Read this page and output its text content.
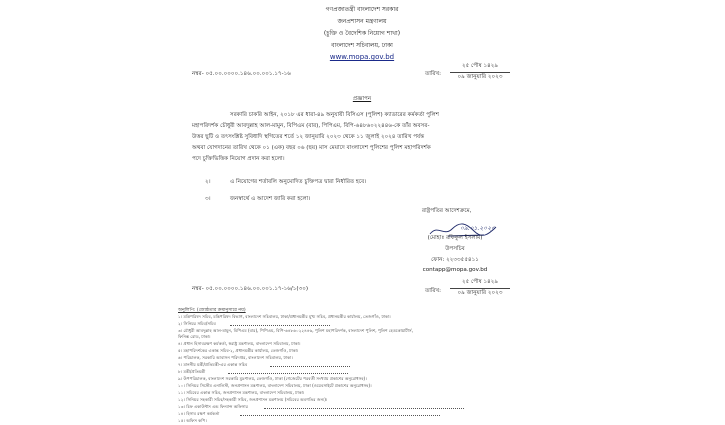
গণপ্রজাতন্ত্রী বাংলাদেশ সরকার
জনপ্রশাসন মন্ত্রণালয়
(চুক্তি ও বৈদেশিক নিয়োগ শাখা)
বাংলাদেশ সচিবালয়, ঢাকা
www.mopa.gov.bd
নম্বর- ০৫.০০.০০০০.১৪৬.০০.০০১.১৭-১৬	তারিখ:
২৫ পৌষ ১৪২৯
০৯ জানুয়ারি ২০২৩
প্রজ্ঞাপন
সরকারি চাকরি আইন, ২০১৮ এর ধারা-৪৯ অনুযায়ী বিসিএস (পুলিশ) ক্যাডারের কর্মকর্তা পুলিশ
মহাপরিদর্শক চৌধুরী আবদুল্লাহ আল-মামুন, বিপিএম (বার), পিপিএম, বিপি-৬৪৮৬০২২৪৪৬-কে তাঁর অবসর-
উত্তর ছুটি ও তৎসংশ্লিষ্ট সুবিধাদি স্থগিতের শর্তে ১২ জানুয়ারি ২০২৩ থেকে ১১ জুলাই ২০২৪ তারিখ পর্যন্ত
অথবা যোগদানের তারিখ থেকে ০১ (এক) বছর ০৬ (ছয়) মাস মেয়াদে বাংলাদেশ পুলিশের পুলিশ মহাপরিদর্শক
পদে চুক্তিভিত্তিক নিয়োগ প্রদান করা হলো।
২।	এ নিয়োগের শর্তাবলি অনুমোদিত চুক্তিপত্র দ্বারা নির্ধারিত হবে।
৩।	জনস্বার্থে এ আদেশ জারি করা হলো।
রাষ্ট্রপতির আদেশক্রমে,
০৯.০১.২০২৩
(মোহাঃ রফিকুল ইসলাম)
উপসচিব
ফোন: ২২৩৩৫৫৪১১
contapp@mopa.gov.bd
নম্বর- ০৫.০০.০০০০.১৪৬.০০.০০১.১৭-১৬/১(৩০)	তারিখ:
২৫ পৌষ ১৪২৯
০৯ জানুয়ারি ২০২৩
অনুলিপি: (জ্যেষ্ঠতার ক্রমানুসারে নয়)
১। মন্ত্রিপরিষদ সচিব, মন্ত্রিপরিষদ বিভাগ, বাংলাদেশ সচিবালয়, ঢাকা/প্রধানমন্ত্রীর মুখ্য সচিব, প্রধানমন্ত্রীর কার্যালয়, তেজগাঁও, ঢাকা।
২। সিনিয়র সচিব/সচিব
৩। চৌধুরী আবদুল্লাহ আল-মামুন, বিপিএম (বার), পিপিএম, বিপি-৬৪৮৬০২২৪৪৬, পুলিশ মহাপরিদর্শক, বাংলাদেশ পুলিশ, পুলিশ হেডকোয়ার্টার্স,
ফিনিক্স রোড, ঢাকা।
৪। প্রধান হিসাবরক্ষণ কর্মকর্তা, স্বরাষ্ট্র মন্ত্রণালয়, বাংলাদেশ সচিবালয়, ঢাকা।
৫। মহাপরিদর্শকের একান্ত সচিব-২, প্রধানমন্ত্রীর কার্যালয়, তেজগাঁও, ঢাকা।
৬। পরিচালক, সরকারি আবাসন পরিদপ্তর, বাংলাদেশ সচিবালয়, ঢাকা।
৭। মাননীয় মন্ত্রী/প্রতিমন্ত্রী-এর একান্ত সচিব
৮। মন্ত্রী/প্রতিমন্ত্রী
৯। উপপরিচালক, বাংলাদেশ সরকারি মুদ্রণালয়, তেজগাঁও, ঢাকা (গেজেটের পরবর্তী সংখ্যায় প্রকাশের অনুরোধসহ)।
১০। সিনিয়র সিস্টেম এনালিস্ট, জনপ্রশাসন মন্ত্রণালয়, বাংলাদেশ সচিবালয়, ঢাকা (ওয়েবসাইটে প্রকাশের অনুরোধসহ)।
১১। সচিবের একান্ত সচিব, জনপ্রশাসন মন্ত্রণালয়, বাংলাদেশ সচিবালয়, ঢাকা।
১২। সিনিয়র সহকারী সচিব/সহকারী সচিব, জনপ্রশাসন মন্ত্রণালয় (সচিবের অবগতির জন্য)।
১৩। চিফ একাউন্টস এন্ড ফিন্যান্স অফিসার
১৪। হিসাব রক্ষণ কর্মকর্তা
১৫। অফিস কপি।
